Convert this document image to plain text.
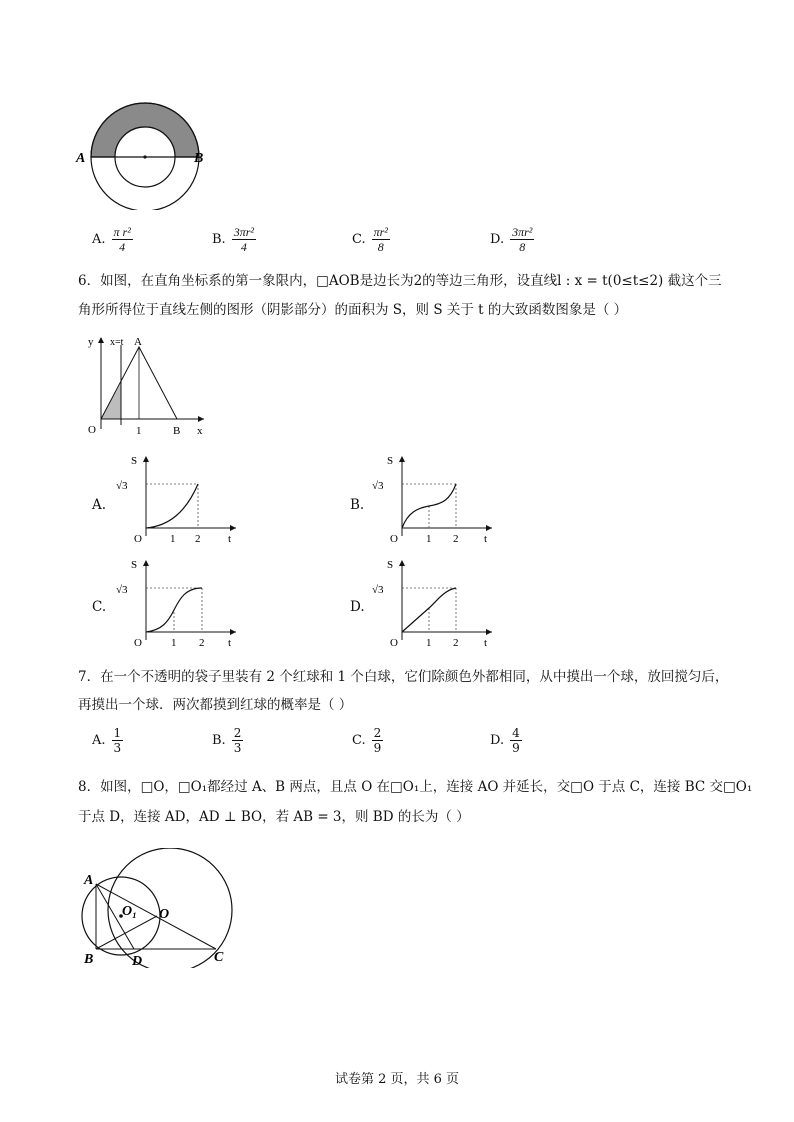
A	B
A. $\frac{\text{π r²}}{4}$	B. $\frac{\text{3πr²}}{4}$	C. $\frac{\text{πr²}}{8}$	D. $\frac{\text{3πr²}}{8}$
6．如图，在直角坐标系的第一象限内，□AOB是边长为2的等边三角形，设直线l : x = t(0≤t≤2) 截这个三
角形所得位于直线左侧的图形（阴影部分）的面积为 S，则 S 关于 t 的大致函数图象是（ ）
y x=t A
O	1	B x
A.	B.
C.	D.
S
√3
O	1 2	t
S
√3
O	1 2 t
S
√3
O	1 2 t
S
√3
O	1 2 t
7．在一个不透明的袋子里装有 2 个红球和 1 个白球，它们除颜色外都相同，从中摸出一个球，放回搅匀后，
再摸出一个球．两次都摸到红球的概率是（ ）
A. $\frac{1}{3}$	B. $\frac{2}{3}$	C. $\frac{2}{9}$	D. $\frac{4}{9}$
8．如图，□O，□O₁都经过 A、B 两点，且点 O 在□O₁上，连接 AO 并延长，交□O 于点 C，连接 BC 交□O₁
于点 D，连接 AD，AD ⊥ BO，若 AB = 3，则 BD 的长为（ ）
A
O₁ O
B	D	C
试卷第 2 页，共 6 页
